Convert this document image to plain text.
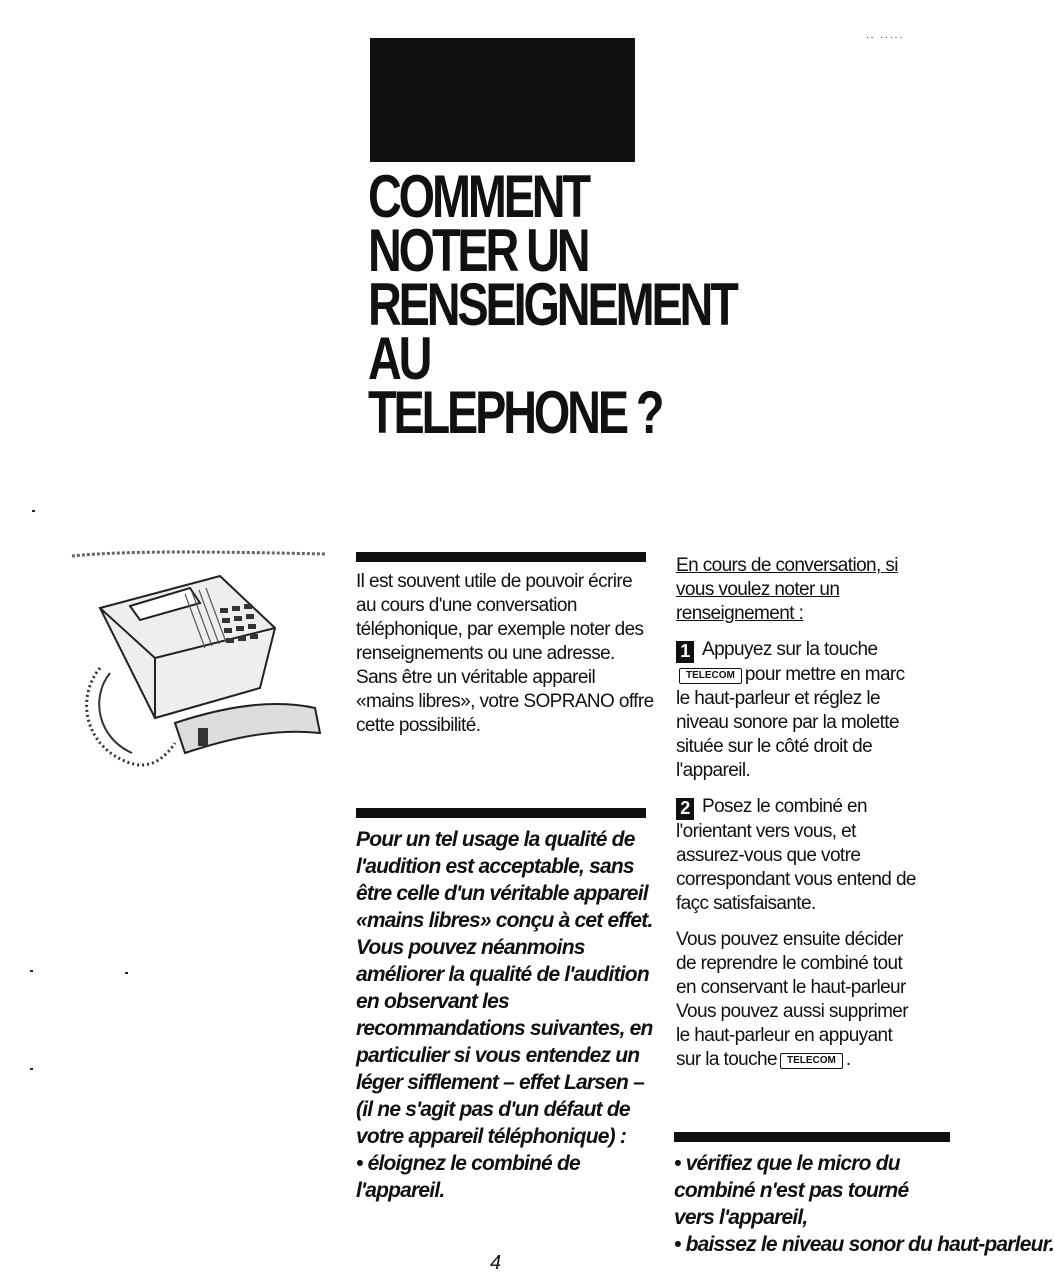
.. .....
COMMENT
NOTER UN
RENSEIGNEMENT
AU
TELEPHONE ?

Il est souvent utile de pouvoir écrire au cours d'une conversation téléphonique, par exemple noter des renseignements ou une adresse. Sans être un véritable appareil «mains libres», votre SOPRANO offre cette possibilité.

Pour un tel usage la qualité de l'audition est acceptable, sans être celle d'un véritable appareil «mains libres» conçu à cet effet. Vous pouvez néanmoins améliorer la qualité de l'audition en observant les recommandations suivantes, en particulier si vous entendez un léger sifflement – effet Larsen – (il ne s'agit pas d'un défaut de votre appareil téléphonique) :

• éloignez le combiné de l'appareil.

En cours de conversation, si vous voulez noter un renseignement :

1 Appuyez sur la touche
TELECOM pour mettre en marc
le haut-parleur et réglez le niveau sonore par la molette située sur le côté droit de l'appareil.

2 Posez le combiné en l'orientant vers vous, et assurez-vous que votre correspondant vous entend de façc satisfaisante.

Vous pouvez ensuite décider de reprendre le combiné tout en conservant le haut-parleur Vous pouvez aussi supprimer le haut-parleur en appuyant sur la touche TELECOM .

• vérifiez que le micro du combiné n'est pas tourné vers l'appareil,

• baissez le niveau sonor du haut-parleur.

4
